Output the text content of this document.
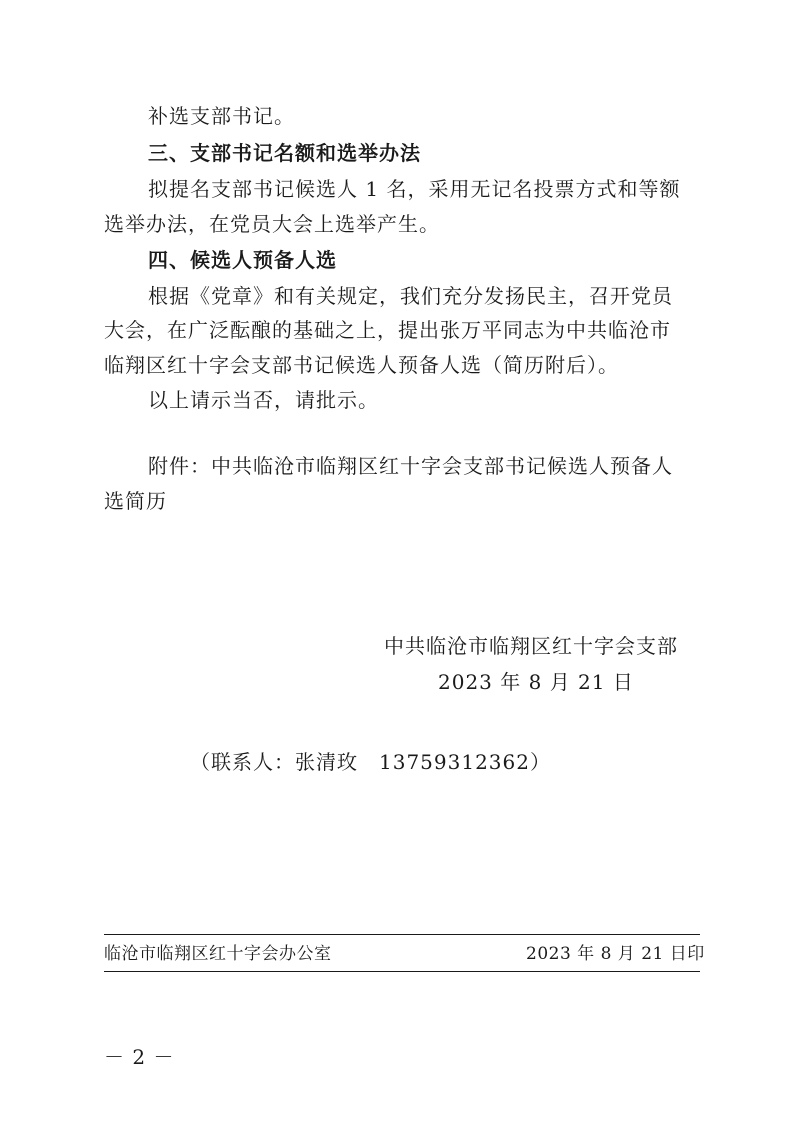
补选支部书记。
三、支部书记名额和选举办法
拟提名支部书记候选人 1 名，采用无记名投票方式和等额
选举办法，在党员大会上选举产生。
四、候选人预备人选
根据《党章》和有关规定，我们充分发扬民主，召开党员
大会，在广泛酝酿的基础之上，提出张万平同志为中共临沧市
临翔区红十字会支部书记候选人预备人选（简历附后）。
以上请示当否，请批示。
附件：中共临沧市临翔区红十字会支部书记候选人预备人
选简历
中共临沧市临翔区红十字会支部
2023 年 8 月 21 日
（联系人：张清玫　13759312362）
临沧市临翔区红十字会办公室	2023 年 8 月 21 日印
－ 2 －
